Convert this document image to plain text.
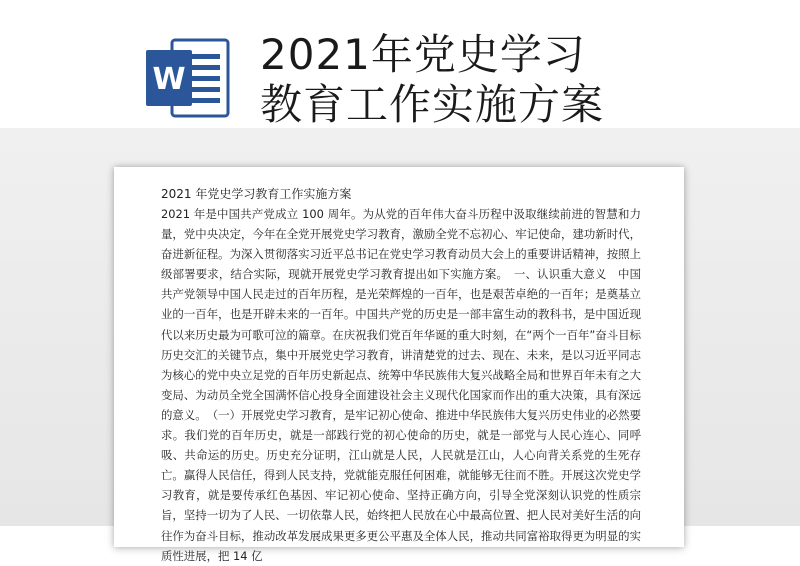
W
2021年党史学习
教育工作实施方案

2021 年党史学习教育工作实施方案

2021 年是中国共产党成立 100 周年。为从党的百年伟大奋斗历程中汲取继续前进的智慧和力量，党中央决定，今年在全党开展党史学习教育，激励全党不忘初心、牢记使命，建功新时代，奋进新征程。为深入贯彻落实习近平总书记在党史学习教育动员大会上的重要讲话精神，按照上级部署要求，结合实际，现就开展党史学习教育提出如下实施方案。　一、认识重大意义　中国共产党领导中国人民走过的百年历程，是光荣辉煌的一百年，也是艰苦卓绝的一百年；是奠基立业的一百年，也是开辟未来的一百年。中国共产党的历史是一部丰富生动的教科书，是中国近现代以来历史最为可歌可泣的篇章。在庆祝我们党百年华诞的重大时刻，在“两个一百年”奋斗目标历史交汇的关键节点，集中开展党史学习教育，讲清楚党的过去、现在、未来，是以习近平同志为核心的党中央立足党的百年历史新起点、统筹中华民族伟大复兴战略全局和世界百年未有之大变局、为动员全党全国满怀信心投身全面建设社会主义现代化国家而作出的重大决策，具有深远的意义。　（一）开展党史学习教育，是牢记初心使命、推进中华民族伟大复兴历史伟业的必然要求。我们党的百年历史，就是一部践行党的初心使命的历史，就是一部党与人民心连心、同呼吸、共命运的历史。历史充分证明，江山就是人民，人民就是江山，人心向背关系党的生死存亡。赢得人民信任，得到人民支持，党就能克服任何困难，就能够无往而不胜。开展这次党史学习教育，就是要传承红色基因、牢记初心使命、坚持正确方向，引导全党深刻认识党的性质宗旨，坚持一切为了人民、一切依靠人民，始终把人民放在心中最高位置、把人民对美好生活的向往作为奋斗目标，推动改革发展成果更多更公平惠及全体人民，推动共同富裕取得更为明显的实质性进展，把 14 亿
